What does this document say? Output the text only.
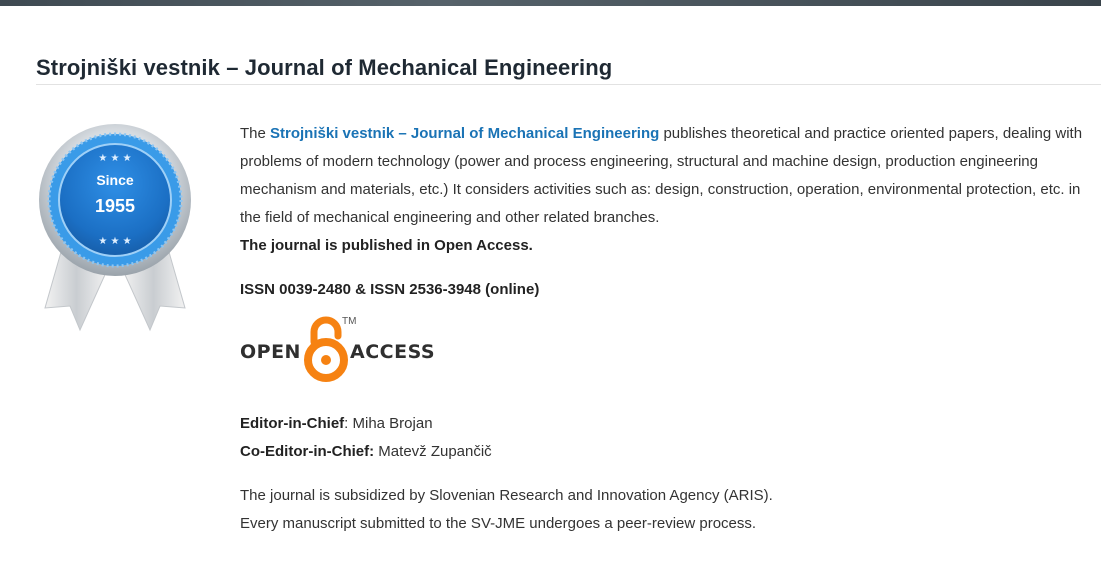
Strojniški vestnik – Journal of Mechanical Engineering
★ ★ ★
★ ★ ★
Since
1955

The Strojniški vestnik – Journal of Mechanical Engineering publishes theoretical and practice oriented papers, dealing with problems of modern technology (power and process engineering, structural and machine design, production engineering mechanism and materials, etc.) It considers activities such as: design, construction, operation, environmental protection, etc. in the field of mechanical engineering and other related branches.

The journal is published in Open Access.

ISSN 0039-2480 & ISSN 2536-3948 (online)

OPEN
TM
ACCESS

Editor-in-Chief: Miha Brojan

Co-Editor-in-Chief: Matevž Zupančič

The journal is subsidized by Slovenian Research and Innovation Agency (ARIS).

Every manuscript submitted to the SV-JME undergoes a peer-review process.
